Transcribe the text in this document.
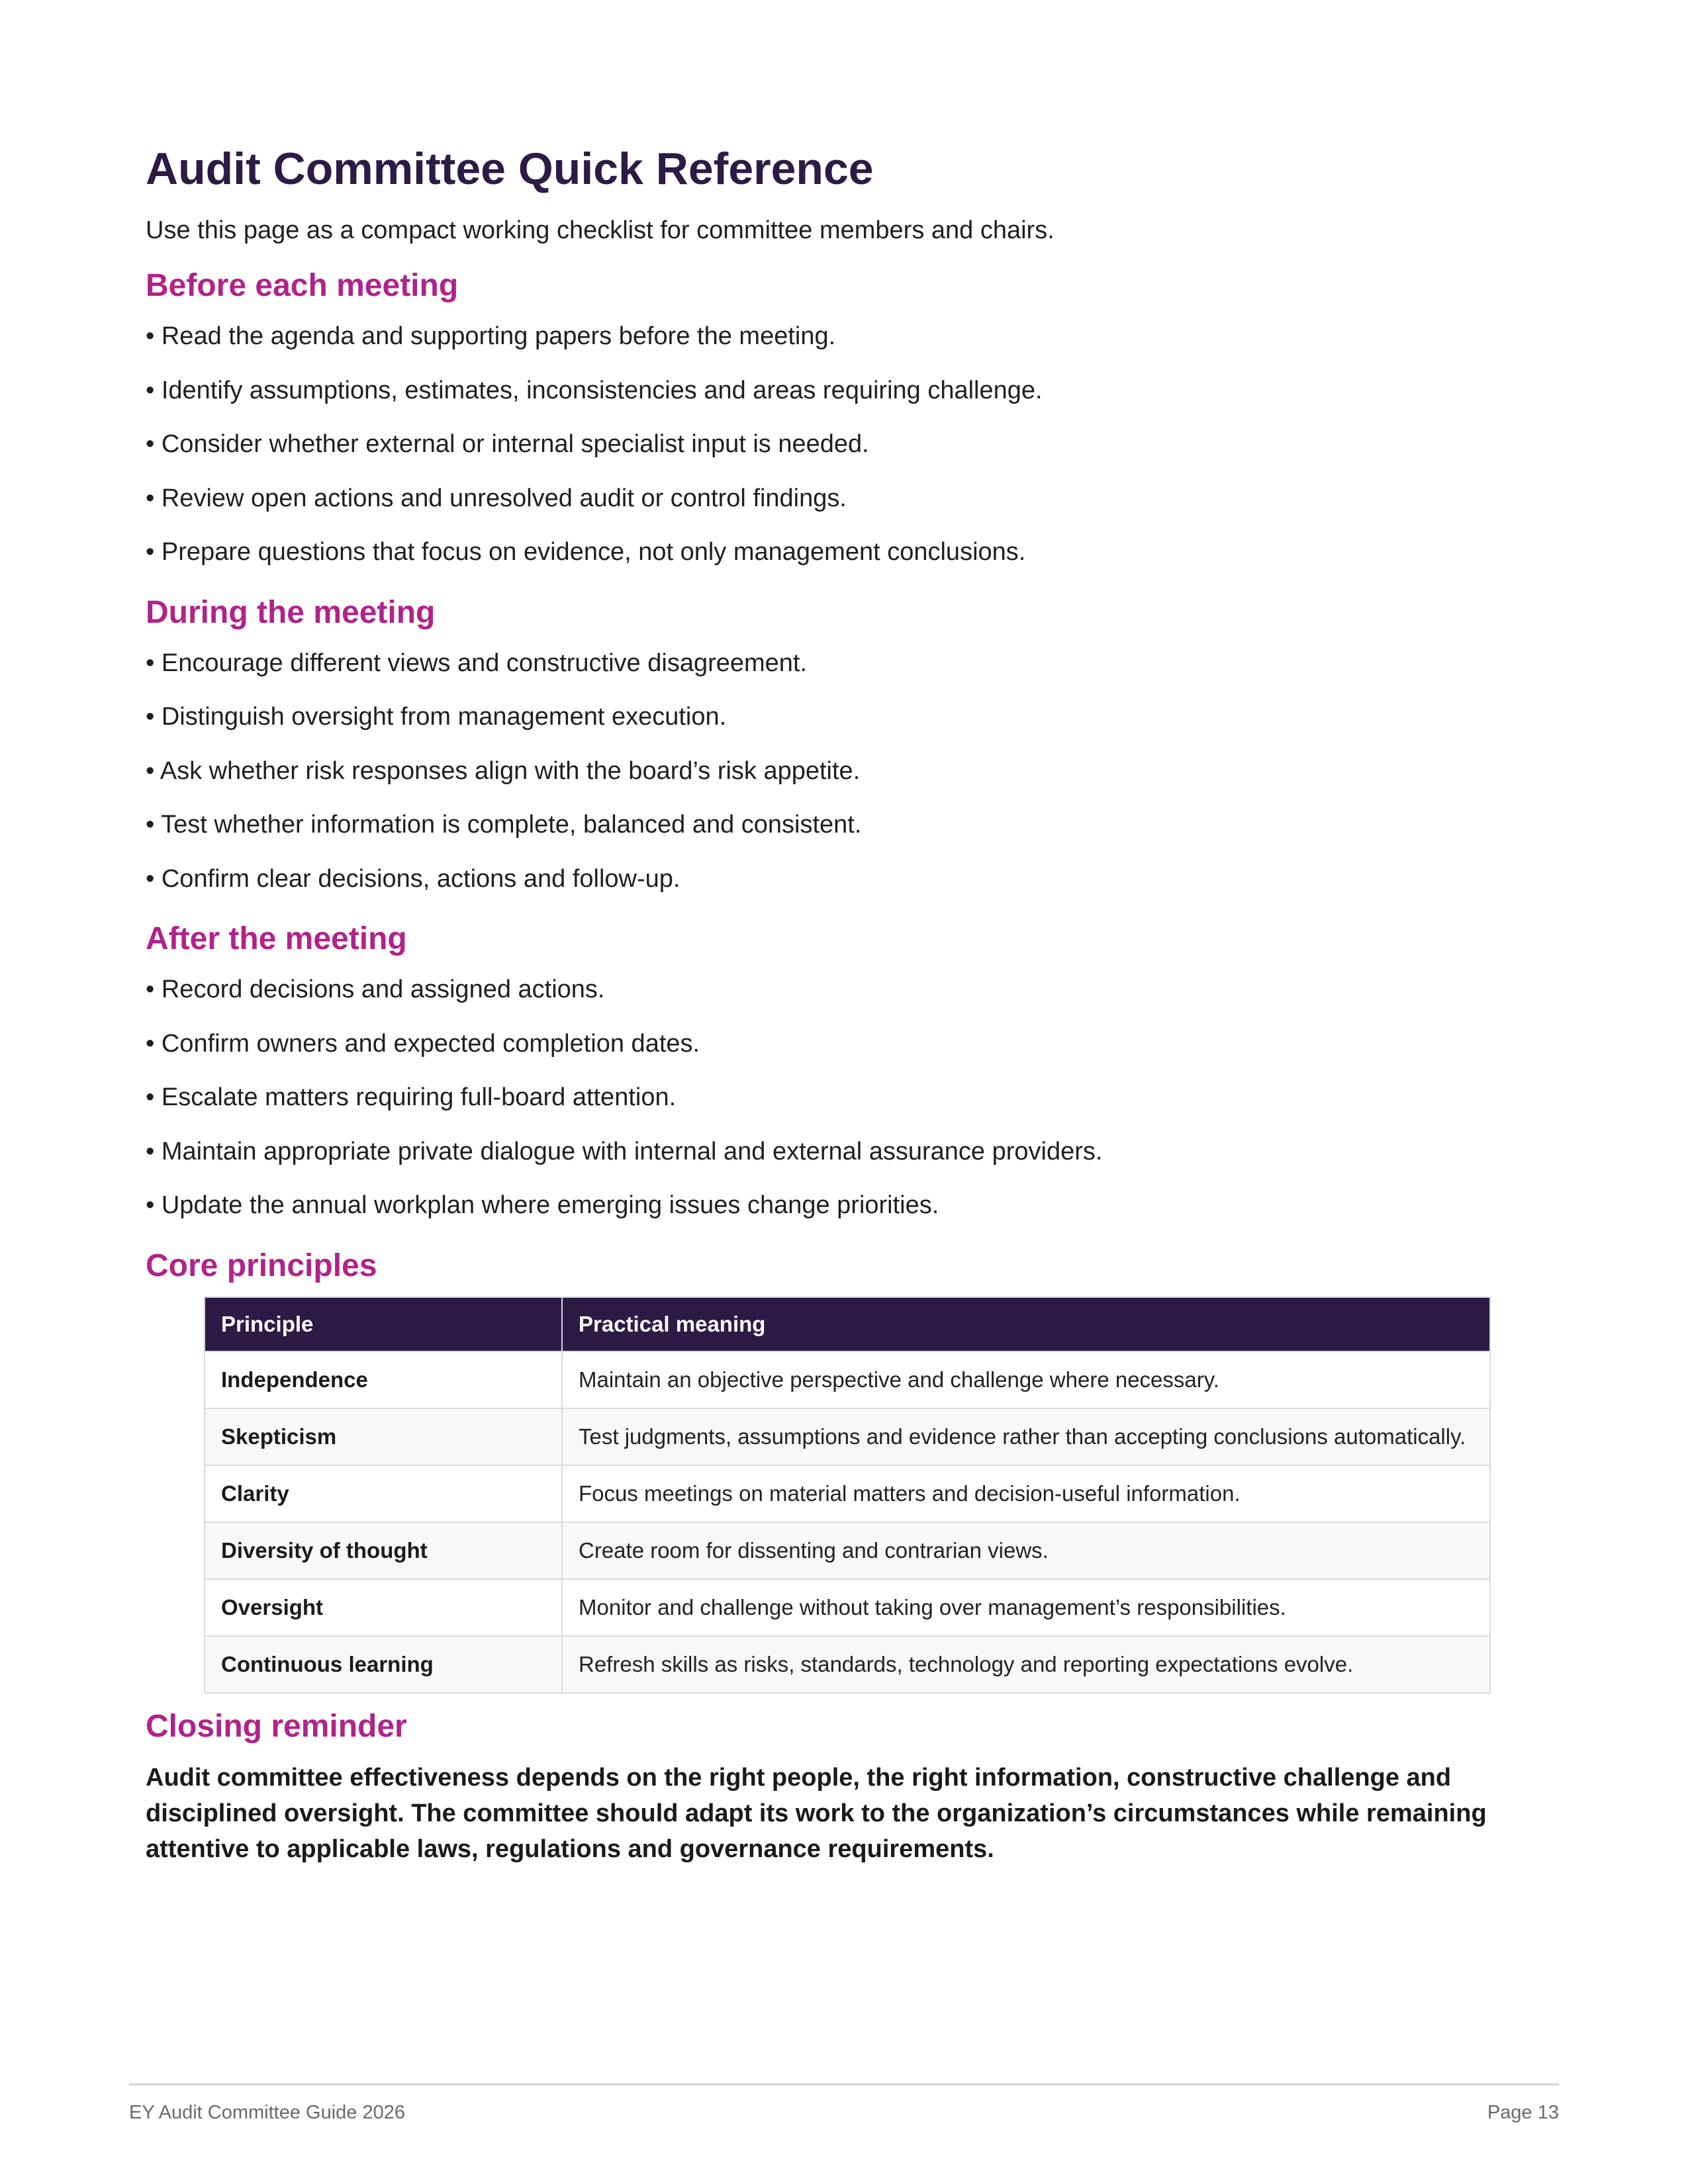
Audit Committee Quick Reference
Use this page as a compact working checklist for committee members and chairs.
Before each meeting
• Read the agenda and supporting papers before the meeting.
• Identify assumptions, estimates, inconsistencies and areas requiring challenge.
• Consider whether external or internal specialist input is needed.
• Review open actions and unresolved audit or control findings.
• Prepare questions that focus on evidence, not only management conclusions.
During the meeting
• Encourage different views and constructive disagreement.
• Distinguish oversight from management execution.
• Ask whether risk responses align with the board’s risk appetite.
• Test whether information is complete, balanced and consistent.
• Confirm clear decisions, actions and follow-up.
After the meeting
• Record decisions and assigned actions.
• Confirm owners and expected completion dates.
• Escalate matters requiring full-board attention.
• Maintain appropriate private dialogue with internal and external assurance providers.
• Update the annual workplan where emerging issues change priorities.
Core principles
Principle	Practical meaning
Independence	Maintain an objective perspective and challenge where necessary.
Skepticism	Test judgments, assumptions and evidence rather than accepting conclusions automatically.
Clarity	Focus meetings on material matters and decision-useful information.
Diversity of thought	Create room for dissenting and contrarian views.
Oversight	Monitor and challenge without taking over management’s responsibilities.
Continuous learning	Refresh skills as risks, standards, technology and reporting expectations evolve.
Closing reminder
Audit committee effectiveness depends on the right people, the right information, constructive challenge and disciplined oversight. The committee should adapt its work to the organization’s circumstances while remaining attentive to applicable laws, regulations and governance requirements.
EY Audit Committee Guide 2026	Page 13
